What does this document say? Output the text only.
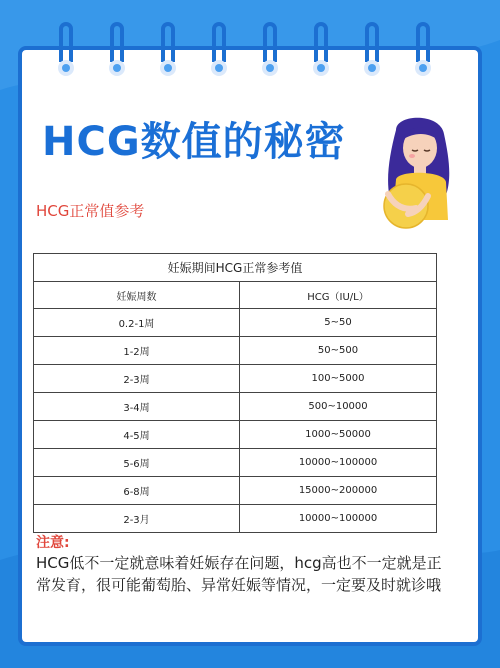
HCG数值的秘密
HCG正常值参考
妊娠期间HCG正常参考值
妊娠周数	HCG（IU/L）
0.2-1周	5~50
1-2周	50~500
2-3周	100~5000
3-4周	500~10000
4-5周	1000~50000
5-6周	10000~100000
6-8周	15000~200000
2-3月	10000~100000
注意:
HCG低不一定就意味着妊娠存在问题，hcg高也不一定就是正常发育，很可能葡萄胎、异常妊娠等情况，一定要及时就诊哦
